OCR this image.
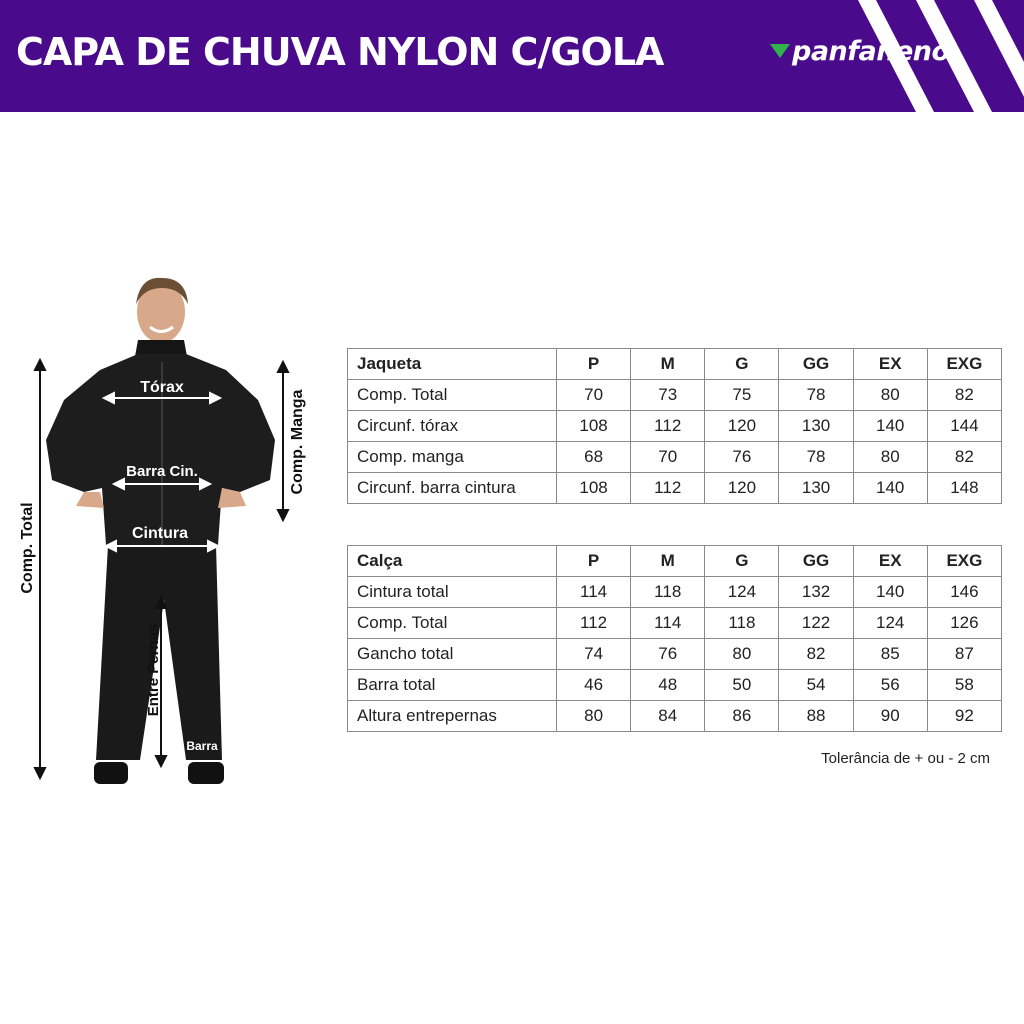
CAPA DE CHUVA NYLON C/GOLA	panfaneno
Tórax
Barra Cin.
Cintura
Comp. Manga
Comp. Total
Entre Pernas
Barra
Jaqueta	P	M	G	GG	EX	EXG
Comp. Total	70	73	75	78	80	82
Circunf. tórax	108	112	120	130	140	144
Comp. manga	68	70	76	78	80	82
Circunf. barra cintura	108	112	120	130	140	148
Calça	P	M	G	GG	EX	EXG
Cintura total	114	118	124	132	140	146
Comp. Total	112	114	118	122	124	126
Gancho total	74	76	80	82	85	87
Barra total	46	48	50	54	56	58
Altura entrepernas	80	84	86	88	90	92
Tolerância de + ou - 2 cm
